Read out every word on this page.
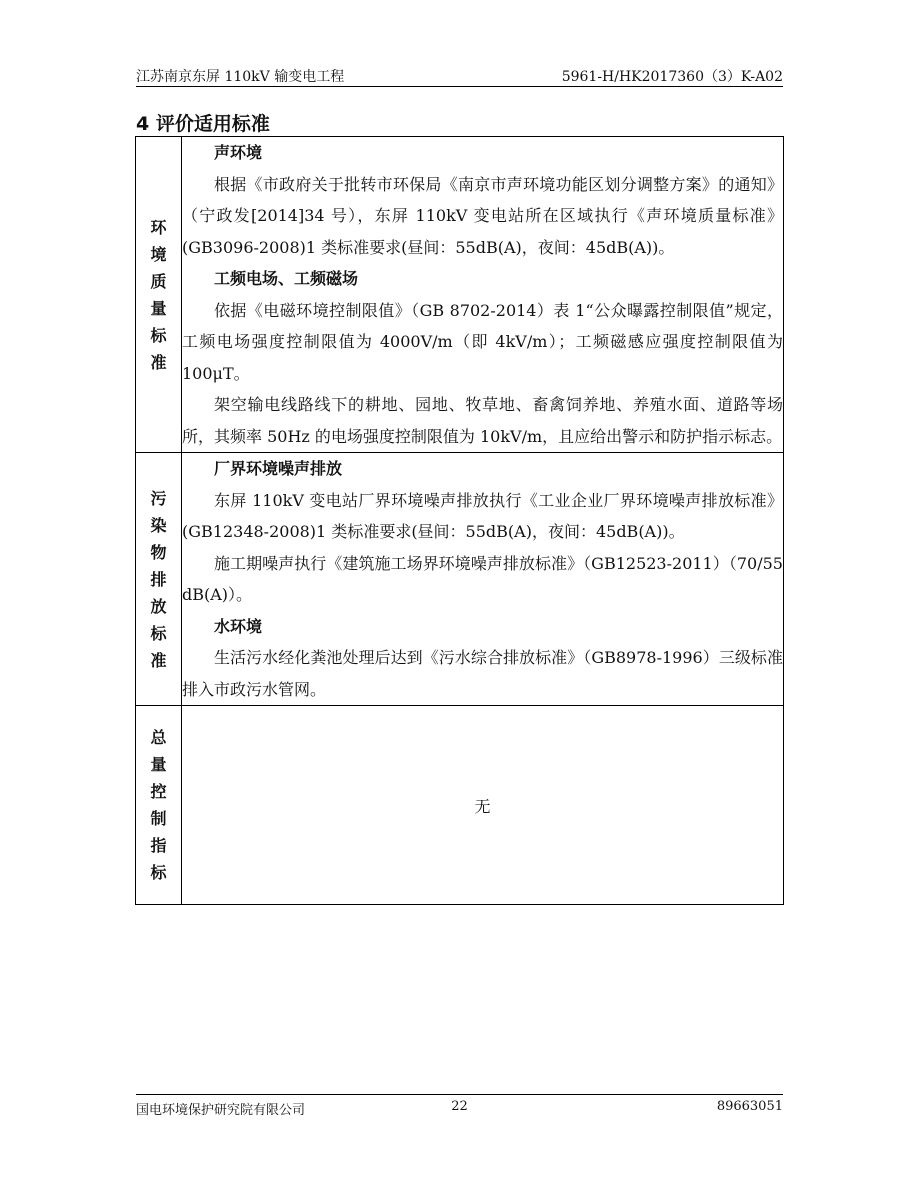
江苏南京东屏 110kV 输变电工程	5961-H/HK2017360（3）K-A02
4 评价适用标准
环境质量标准	声环境

根据《市政府关于批转市环保局《南京市声环境功能区划分调整方案》的通知》（宁政发[2014]34 号），东屏 110kV 变电站所在区域执行《声环境质量标准》(GB3096-2008)1 类标准要求(昼间：55dB(A)，夜间：45dB(A))。

工频电场、工频磁场

依据《电磁环境控制限值》（GB 8702-2014）表 1“公众曝露控制限值”规定，工频电场强度控制限值为 4000V/m（即 4kV/m）；工频磁感应强度控制限值为 100μT。

架空输电线路线下的耕地、园地、牧草地、畜禽饲养地、养殖水面、道路等场所，其频率 50Hz 的电场强度控制限值为 10kV/m，且应给出警示和防护指示标志。

污染物排放标准	厂界环境噪声排放

东屏 110kV 变电站厂界环境噪声排放执行《工业企业厂界环境噪声排放标准》(GB12348-2008)1 类标准要求(昼间：55dB(A)，夜间：45dB(A))。

施工期噪声执行《建筑施工场界环境噪声排放标准》（GB12523-2011）（70/55 dB(A)）。

水环境

生活污水经化粪池处理后达到《污水综合排放标准》（GB8978-1996）三级标准排入市政污水管网。

总量控制指标	无
国电环境保护研究院有限公司	22	89663051
